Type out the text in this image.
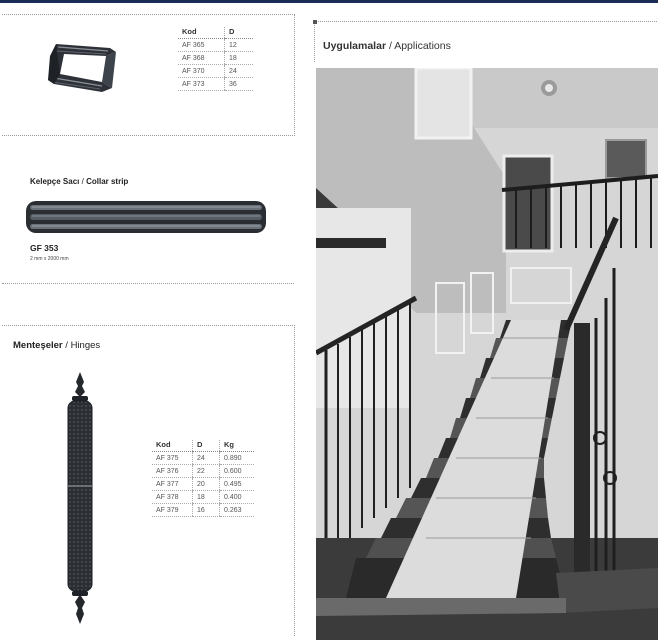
Kod	D
AF 365	12
AF 368	18
AF 370	24
AF 373	36
Kelepçe Sacı / Collar strip
GF 353
2 mm x 2000 mm
Menteşeler / Hinges
Kod	D	Kg
AF 375	24	0.890
AF 376	22	0.600
AF 377	20	0.495
AF 378	18	0.400
AF 379	16	0.263
Uygulamalar / Applications
